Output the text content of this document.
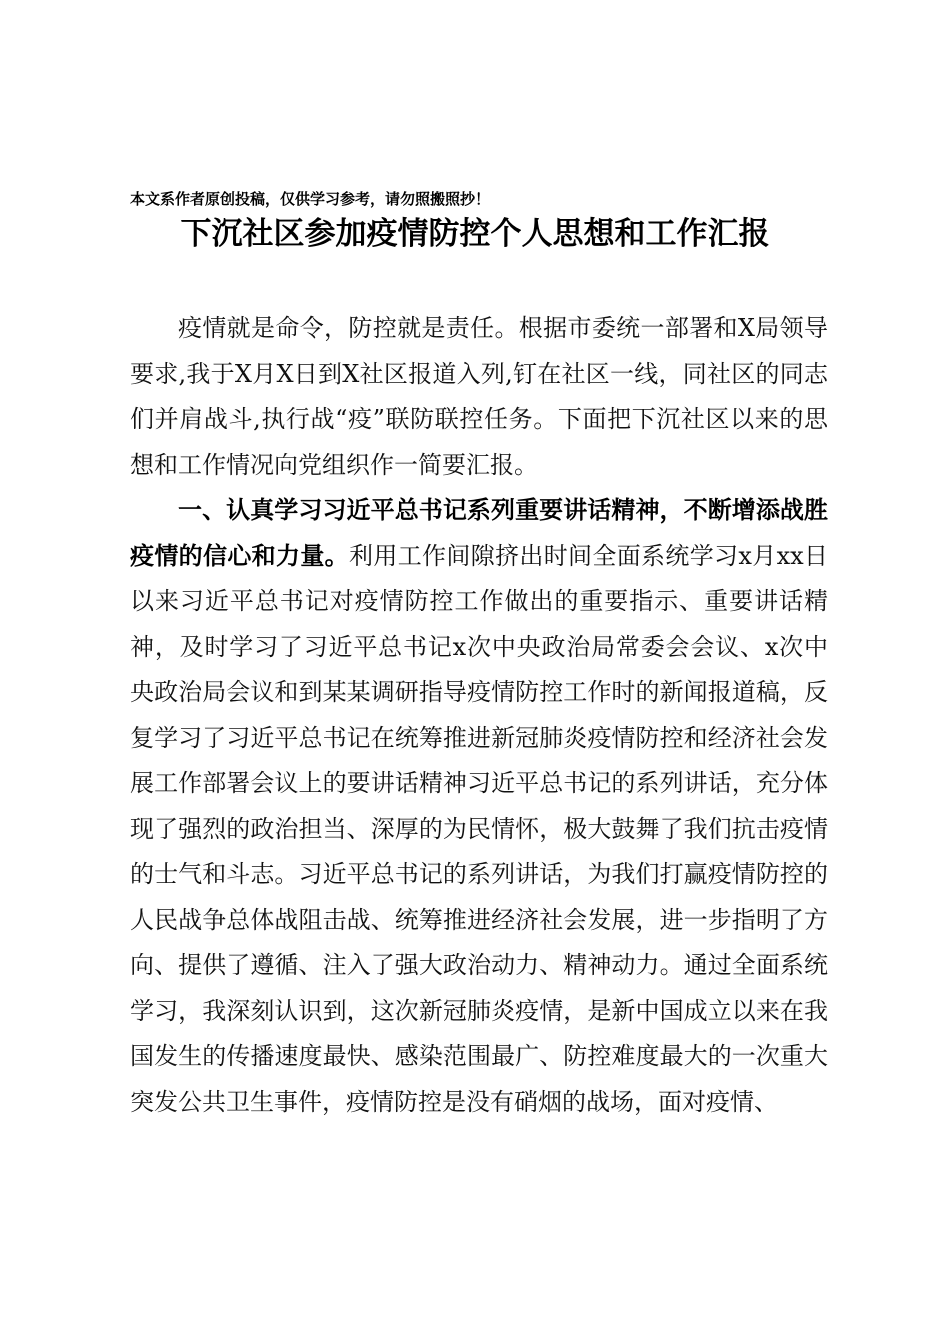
本文系作者原创投稿，仅供学习参考，请勿照搬照抄！
下沉社区参加疫情防控个人思想和工作汇报

疫情就是命令，防控就是责任。根据市委统一部署和X局领导要求,我于X月X日到X社区报道入列,钉在社区一线，同社区的同志们并肩战斗,执行战“疫”联防联控任务。下面把下沉社区以来的思想和工作情况向党组织作一简要汇报。

一、认真学习习近平总书记系列重要讲话精神，不断增添战胜疫情的信心和力量。利用工作间隙挤出时间全面系统学习x月xx日以来习近平总书记对疫情防控工作做出的重要指示、重要讲话精神，及时学习了习近平总书记x次中央政治局常委会会议、x次中央政治局会议和到某某调研指导疫情防控工作时的新闻报道稿，反复学习了习近平总书记在统筹推进新冠肺炎疫情防控和经济社会发展工作部署会议上的要讲话精神习近平总书记的系列讲话，充分体现了强烈的政治担当、深厚的为民情怀，极大鼓舞了我们抗击疫情的士气和斗志。习近平总书记的系列讲话，为我们打赢疫情防控的人民战争总体战阻击战、统筹推进经济社会发展，进一步指明了方向、提供了遵循、注入了强大政治动力、精神动力。通过全面系统学习，我深刻认识到，这次新冠肺炎疫情，是新中国成立以来在我国发生的传播速度最快、感染范围最广、防控难度最大的一次重大突发公共卫生事件，疫情防控是没有硝烟的战场，面对疫情、
